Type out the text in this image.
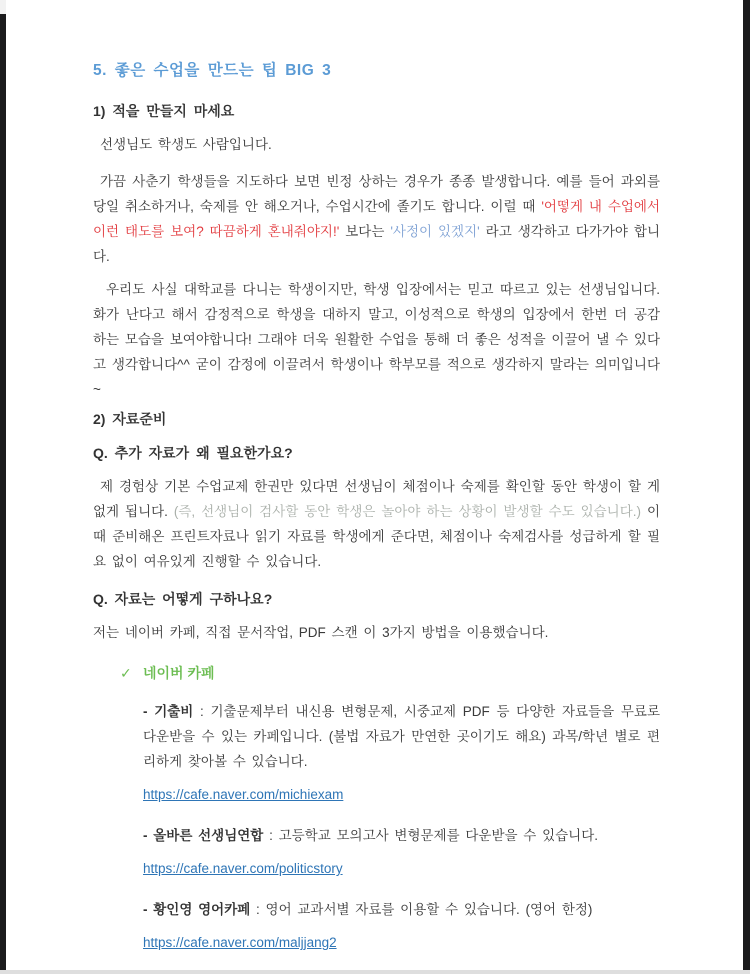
5. 좋은 수업을 만드는 팁 BIG 3
1) 적을 만들지 마세요

선생님도 학생도 사람입니다.

가끔 사춘기 학생들을 지도하다 보면 빈정 상하는 경우가 종종 발생합니다. 예를 들어 과외를 당일 취소하거나, 숙제를 안 해오거나, 수업시간에 졸기도 합니다. 이럴 때 '어떻게 내 수업에서 이런 태도를 보여? 따끔하게 혼내줘야지!' 보다는 '사정이 있겠지' 라고 생각하고 다가가야 합니다.

우리도 사실 대학교를 다니는 학생이지만, 학생 입장에서는 믿고 따르고 있는 선생님입니다. 화가 난다고 해서 감정적으로 학생을 대하지 말고, 이성적으로 학생의 입장에서 한번 더 공감하는 모습을 보여야합니다! 그래야 더욱 원활한 수업을 통해 더 좋은 성적을 이끌어 낼 수 있다고 생각합니다^^ 굳이 감정에 이끌려서 학생이나 학부모를 적으로 생각하지 말라는 의미입니다~

2) 자료준비
Q. 추가 자료가 왜 필요한가요?

제 경험상 기본 수업교제 한권만 있다면 선생님이 체점이나 숙제를 확인할 동안 학생이 할 게 없게 됩니다. (즉, 선생님이 검사할 동안 학생은 놀아야 하는 상황이 발생할 수도 있습니다.) 이때 준비해온 프린트자료나 읽기 자료를 학생에게 준다면, 체점이나 숙제검사를 성급하게 할 필요 없이 여유있게 진행할 수 있습니다.

Q. 자료는 어떻게 구하나요?

저는 네이버 카페, 직접 문서작업, PDF 스캔 이 3가지 방법을 이용했습니다.

✓ 네이버 카페

- 기출비 : 기출문제부터 내신용 변형문제, 시중교제 PDF 등 다양한 자료들을 무료로 다운받을 수 있는 카페입니다. (불법 자료가 만연한 곳이기도 해요) 과목/학년 별로 편리하게 찾아볼 수 있습니다.

https://cafe.naver.com/michiexam

- 올바른 선생님연합 : 고등학교 모의고사 변형문제를 다운받을 수 있습니다.

https://cafe.naver.com/politicstory

- 황인영 영어카페 : 영어 교과서별 자료를 이용할 수 있습니다. (영어 한정)

https://cafe.naver.com/maljjang2
